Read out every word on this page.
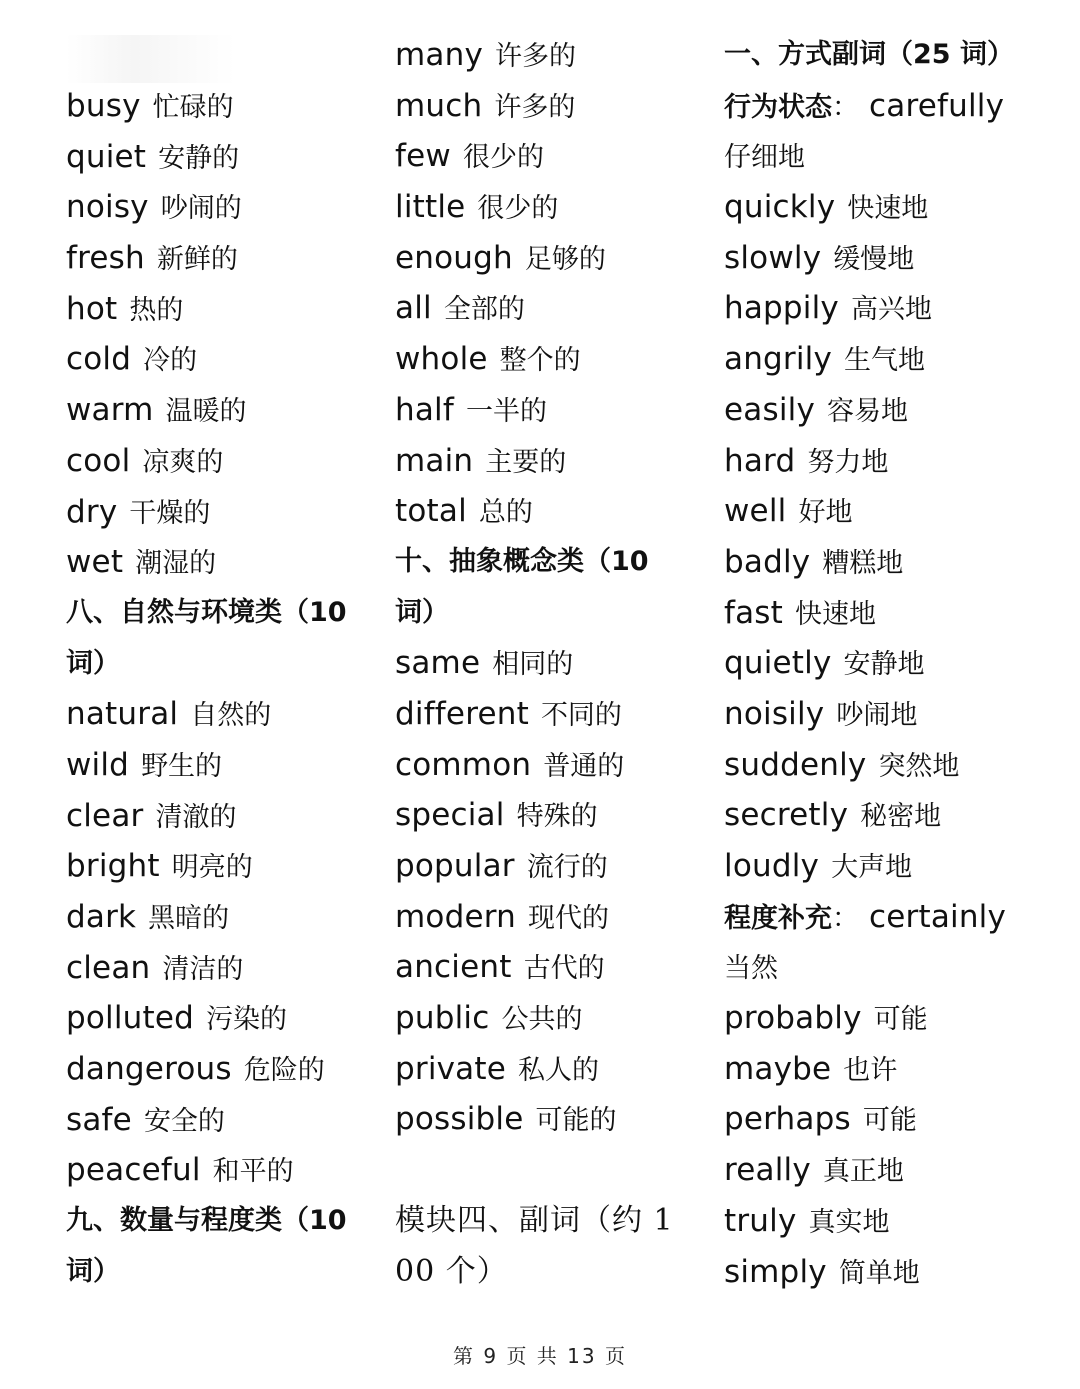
busy 忙碌的
quiet 安静的
noisy 吵闹的
fresh 新鲜的
hot 热的
cold 冷的
warm 温暖的
cool 凉爽的
dry 干燥的
wet 潮湿的
八、自然与环境类（10
词）
natural 自然的
wild 野生的
clear 清澈的
bright 明亮的
dark 黑暗的
clean 清洁的
polluted 污染的
dangerous 危险的
safe 安全的
peaceful 和平的
九、数量与程度类（10
词）
many 许多的
much 许多的
few 很少的
little 很少的
enough 足够的
all 全部的
whole 整个的
half 一半的
main 主要的
total 总的
十、抽象概念类（10
词）
same 相同的
different 不同的
common 普通的
special 特殊的
popular 流行的
modern 现代的
ancient 古代的
public 公共的
private 私人的
possible 可能的
模块四、副词（约 1
00 个）
一、方式副词（25 词）
行为状态： carefully
仔细地
quickly 快速地
slowly 缓慢地
happily 高兴地
angrily 生气地
easily 容易地
hard 努力地
well 好地
badly 糟糕地
fast 快速地
quietly 安静地
noisily 吵闹地
suddenly 突然地
secretly 秘密地
loudly 大声地
程度补充： certainly
当然
probably 可能
maybe 也许
perhaps 可能
really 真正地
truly 真实地
simply 简单地
第 9 页 共 13 页
